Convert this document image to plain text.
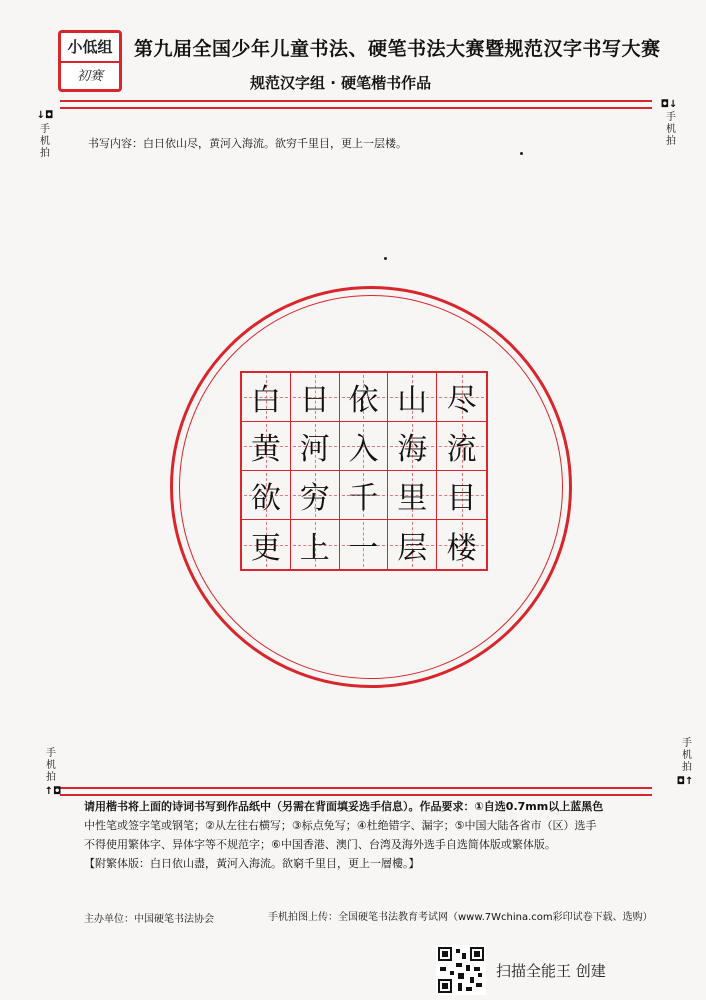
小低组
初赛
第九届全国少年儿童书法、硬笔书法大赛暨规范汉字书写大赛
规范汉字组 · 硬笔楷书作品
↓◘
手
机
拍
◘↓
手
机
拍
手
机
拍
↑◘
手
机
拍
◘↑
书写内容：白日依山尽，黄河入海流。欲穷千里目，更上一层楼。
白 日 依 山 尽
黄 河 入 海 流
欲 穷 千 里 目
更 上 一 层 楼

请用楷书将上面的诗词书写到作品纸中（另需在背面填妥选手信息）。作品要求：①自选0.7mm以上蓝黑色

中性笔或签字笔或钢笔；②从左往右横写；③标点免写；④杜绝错字、漏字；⑤中国大陆各省市（区）选手

不得使用繁体字、异体字等不规范字；⑥中国香港、澳门、台湾及海外选手自选简体版或繁体版。

【附繁体版：白日依山盡，黃河入海流。欲窮千里目，更上一層樓。】

主办单位：中国硬笔书法协会	手机拍图上传：全国硬笔书法教育考试网（www.7Wchina.com彩印试卷下载、选购）
扫描全能王 创建
